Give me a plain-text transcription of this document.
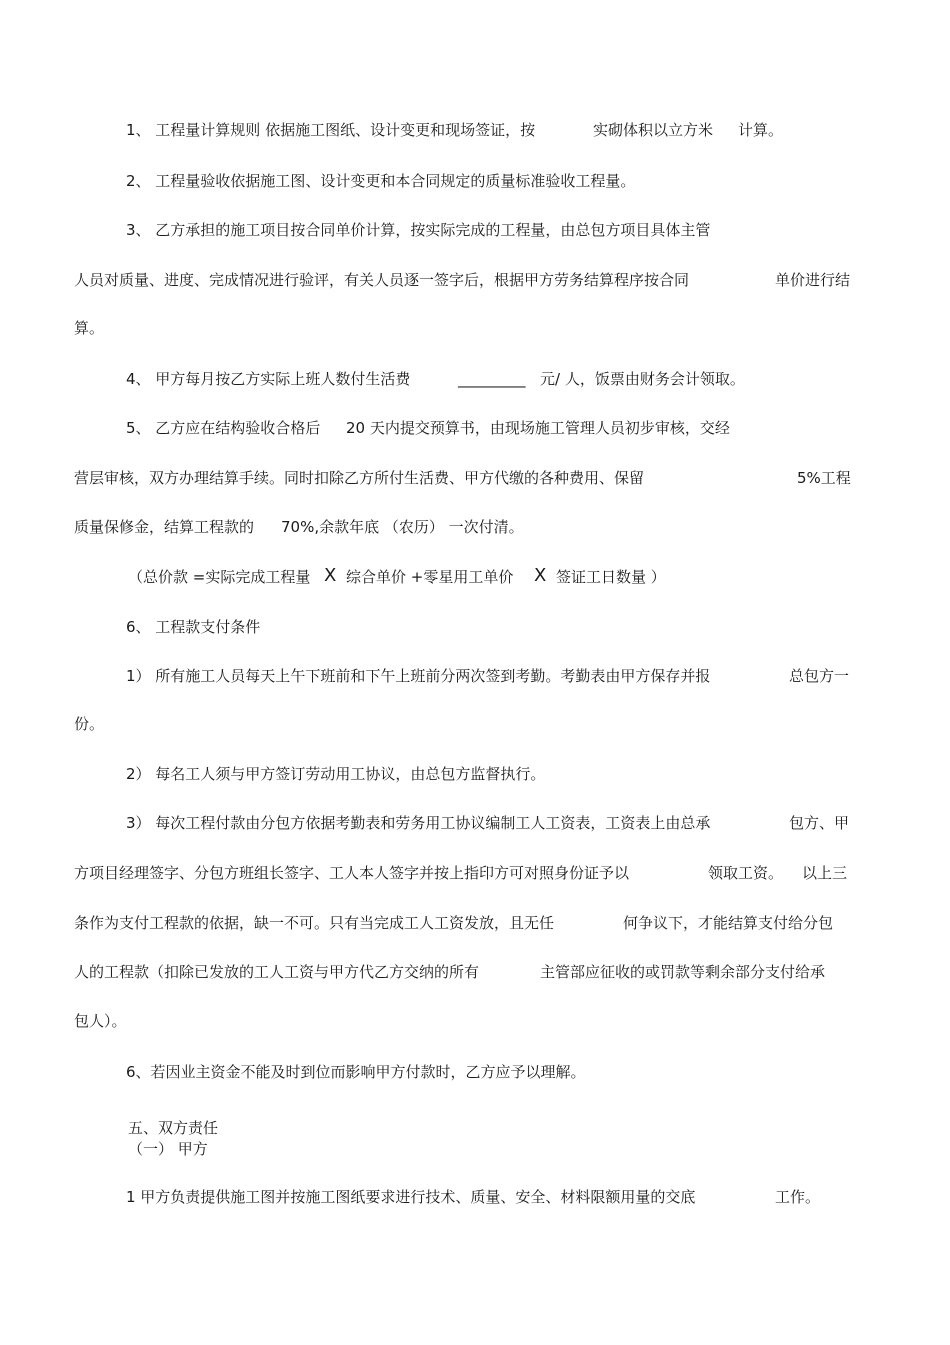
1、 工程量计算规则 依据施工图纸、设计变更和现场签证，按	实砌体积以立方米 计算。
2、 工程量验收依据施工图、设计变更和本合同规定的质量标准验收工程量。
3、 乙方承担的施工项目按合同单价计算，按实际完成的工程量，由总包方项目具体主管
人员对质量、进度、完成情况进行验评，有关人员逐一签字后，根据甲方劳务结算程序按合同	单价进行结
算。
4、 甲方每月按乙方实际上班人数付生活费	_________ 元/ 人，饭票由财务会计领取。
5、 乙方应在结构验收合格后 20 天内提交预算书，由现场施工管理人员初步审核，交经
营层审核，双方办理结算手续。同时扣除乙方所付生活费、甲方代缴的各种费用、保留	5%工程
质量保修金，结算工程款的 70%,余款年底 （农历） 一次付清。
（总价款 =实际完成工程量 X 综合单价 +零星用工单价 X 签证工日数量 ）
6、 工程款支付条件
1） 所有施工人员每天上午下班前和下午上班前分两次签到考勤。考勤表由甲方保存并报	总包方一
份。
2） 每名工人须与甲方签订劳动用工协议，由总包方监督执行。
3） 每次工程付款由分包方依据考勤表和劳务用工协议编制工人工资表，工资表上由总承	包方、甲
方项目经理签字、分包方班组长签字、工人本人签字并按上指印方可对照身份证予以	领取工资。 以上三
条作为支付工程款的依据，缺一不可。只有当完成工人工资发放，且无任	何争议下，才能结算支付给分包
人的工程款（扣除已发放的工人工资与甲方代乙方交纳的所有	主管部应征收的或罚款等剩余部分支付给承
包人）。
6、若因业主资金不能及时到位而影响甲方付款时，乙方应予以理解。
五、双方责任
（一） 甲方
1 甲方负责提供施工图并按施工图纸要求进行技术、质量、安全、材料限额用量的交底	工作。
